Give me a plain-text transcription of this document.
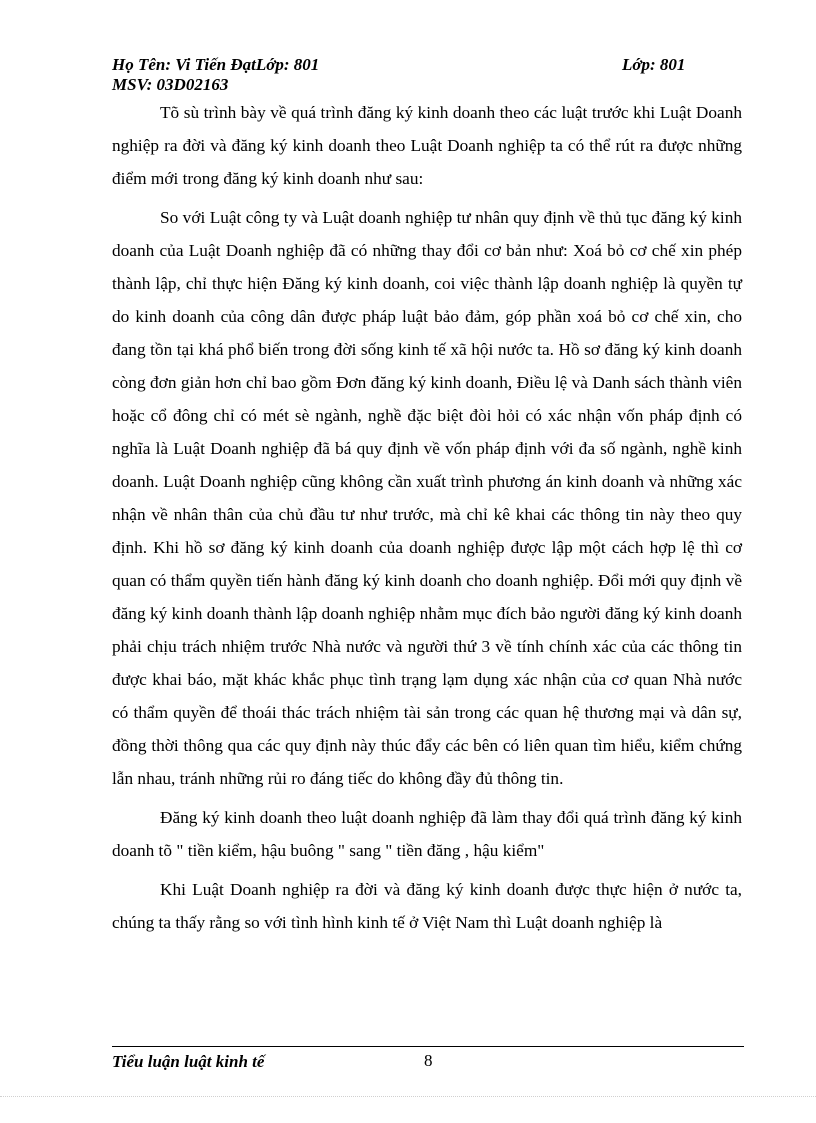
Họ Tên: Vi Tiến ĐạtLớp: 801	Lớp: 801
MSV: 03D02163

Tõ sù trình bày về quá trình đăng ký kinh doanh theo các luật trước khi Luật Doanh nghiệp ra đời và đăng ký kinh doanh theo Luật Doanh nghiệp ta có thể rút ra được những điểm mới trong đăng ký kinh doanh như sau:

So với Luật công ty và Luật doanh nghiệp tư nhân quy định về thủ tục đăng ký kinh doanh của Luật Doanh nghiệp đã có những thay đổi cơ bản như: Xoá bỏ cơ chế xin phép thành lập, chỉ thực hiện Đăng ký kinh doanh, coi việc thành lập doanh nghiệp là quyền tự do kinh doanh của công dân được pháp luật bảo đảm, góp phần xoá bỏ cơ chế xin, cho đang tồn tại khá phổ biến trong đời sống kinh tế xã hội nước ta. Hồ sơ đăng ký kinh doanh còng đơn giản hơn chỉ bao gồm Đơn đăng ký kinh doanh, Điều lệ và Danh sách thành viên hoặc cổ đông chỉ có mét sè ngành, nghề đặc biệt đòi hỏi có xác nhận vốn pháp định có nghĩa là Luật Doanh nghiệp đã bá quy định về vốn pháp định với đa số ngành, nghề kinh doanh. Luật Doanh nghiệp cũng không cần xuất trình phương án kinh doanh và những xác nhận về nhân thân của chủ đầu tư như trước, mà chỉ kê khai các thông tin này theo quy định. Khi hồ sơ đăng ký kinh doanh của doanh nghiệp được lập một cách hợp lệ thì cơ quan có thẩm quyền tiến hành đăng ký kinh doanh cho doanh nghiệp. Đổi mới quy định về đăng ký kinh doanh thành lập doanh nghiệp nhằm mục đích bảo người đăng ký kinh doanh phải chịu trách nhiệm trước Nhà nước và người thứ 3 về tính chính xác của các thông tin được khai báo, mặt khác khắc phục tình trạng lạm dụng xác nhận của cơ quan Nhà nước có thẩm quyền để thoái thác trách nhiệm tài sản trong các quan hệ thương mại và dân sự, đồng thời thông qua các quy định này thúc đẩy các bên có liên quan tìm hiểu, kiểm chứng lẫn nhau, tránh những rủi ro đáng tiếc do không đầy đủ thông tin.

Đăng ký kinh doanh theo luật doanh nghiệp đã làm thay đổi quá trình đăng ký kinh doanh tõ " tiền kiểm, hậu buông " sang " tiền đăng , hậu kiểm"

Khi Luật Doanh nghiệp ra đời và đăng ký kinh doanh được thực hiện ở nước ta, chúng ta thấy rằng so với tình hình kinh tế ở Việt Nam thì Luật doanh nghiệp là

Tiểu luận luật kinh tế	8
